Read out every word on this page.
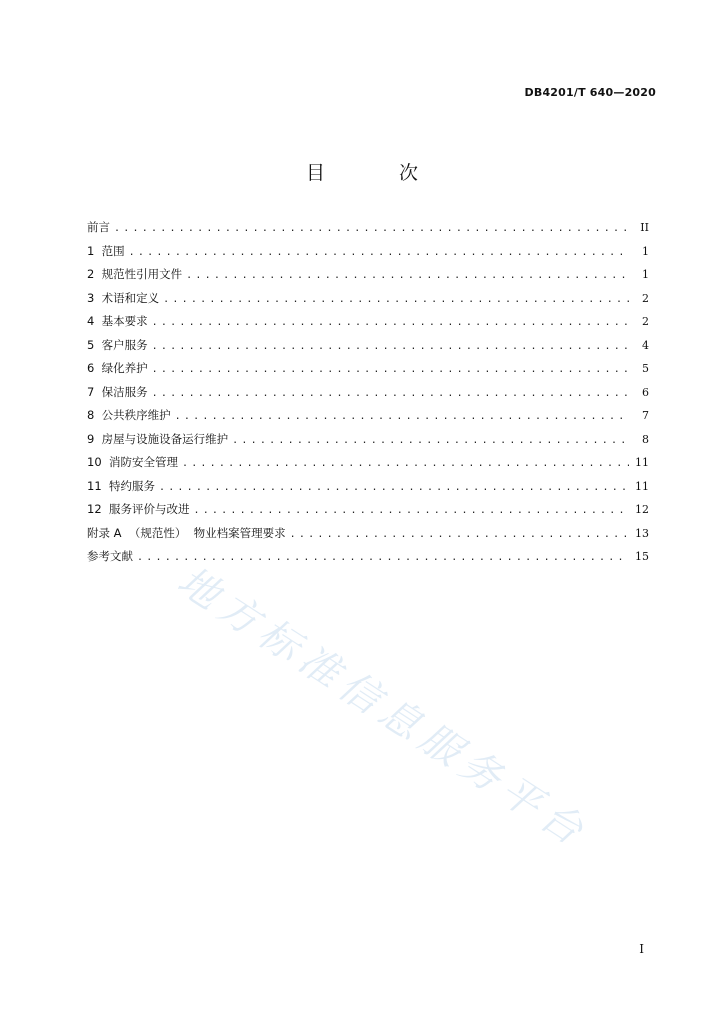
DB4201/T 640—2020
目 次
前言 . . .	II
1  范围 . . .	1
2  规范性引用文件 . . .	1
3  术语和定义 . . .	2
4  基本要求 . . .	2
5  客户服务 . . .	4
6  绿化养护 . . .	5
7  保洁服务 . . .	6
8  公共秩序维护 . . .	7
9  房屋与设施设备运行维护 . . .	8
10  消防安全管理 . . .	11
11  特约服务 . . .	11
12  服务评价与改进 . . .	12
附录 A  （规范性）  物业档案管理要求 . . .	13
参考文献 . . .	15
地方标准信息服务平台
I
